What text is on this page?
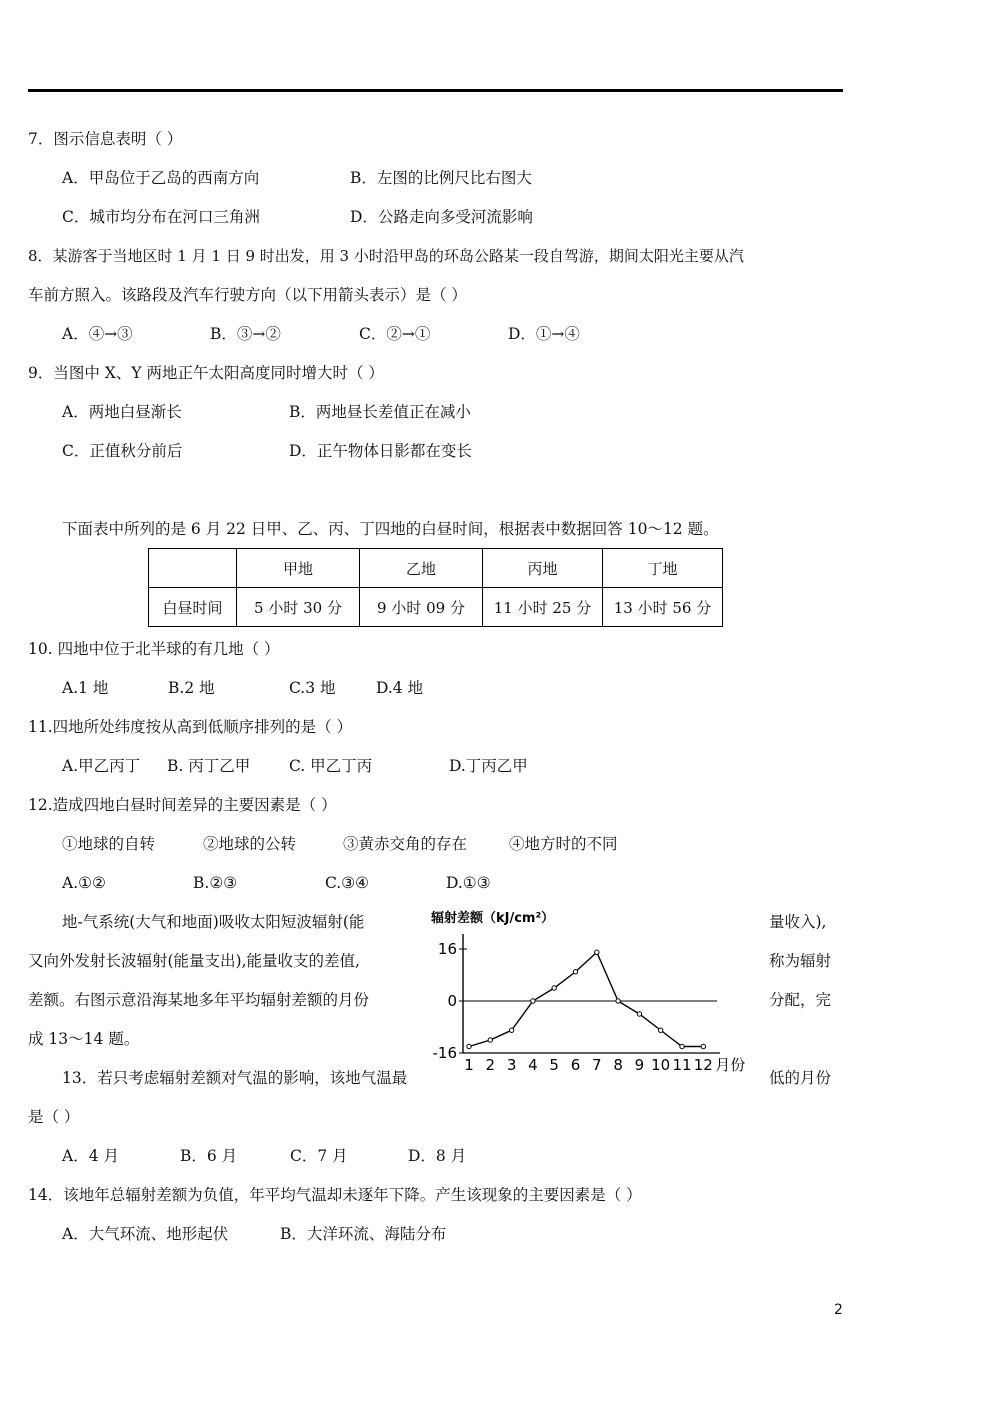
7．图示信息表明（ ）
A．甲岛位于乙岛的西南方向	B．左图的比例尺比右图大
C．城市均分布在河口三角洲	D．公路走向多受河流影响
8．某游客于当地区时 1 月 1 日 9 时出发，用 3 小时沿甲岛的环岛公路某一段自驾游，期间太阳光主要从汽
车前方照入。该路段及汽车行驶方向（以下用箭头表示）是（ ）
A．④→③	B．③→②	C．②→①	D．①→④
9．当图中 X、Y 两地正午太阳高度同时增大时（ ）
A．两地白昼渐长	B．两地昼长差值正在减小
C．正值秋分前后	D．正午物体日影都在变长
下面表中所列的是 6 月 22 日甲、乙、丙、丁四地的白昼时间，根据表中数据回答 10～12 题。
	甲地	乙地	丙地	丁地
白昼时间	5 小时 30 分	9 小时 09 分	11 小时 25 分	13 小时 56 分
10. 四地中位于北半球的有几地（ ）
A.1 地	B.2 地	C.3 地	D.4 地
11.四地所处纬度按从高到低顺序排列的是（ ）
A.甲乙丙丁 B. 丙丁乙甲	C. 甲乙丁丙	D.丁丙乙甲
12.造成四地白昼时间差异的主要因素是（ ）
①地球的自转	②地球的公转	③黄赤交角的存在	④地方时的不同
A.①②	B.②③	C.③④	D.①③
地-气系统(大气和地面)吸收太阳短波辐射(能	量收入),
又向外发射长波辐射(能量支出),能量收支的差值,	称为辐射
差额。右图示意沿海某地多年平均辐射差额的月份	分配，完
成 13～14 题。
辐射差额（kJ/cm²）
16
0
-16
1 2 3 4 5 6 7 8 9 10 11 12 月份
13．若只考虑辐射差额对气温的影响，该地气温最	低的月份
是（ ）
A．4 月	B．6 月	C．7 月	D．8 月
14．该地年总辐射差额为负值，年平均气温却未逐年下降。产生该现象的主要因素是（ ）
A．大气环流、地形起伏	B．大洋环流、海陆分布
2
